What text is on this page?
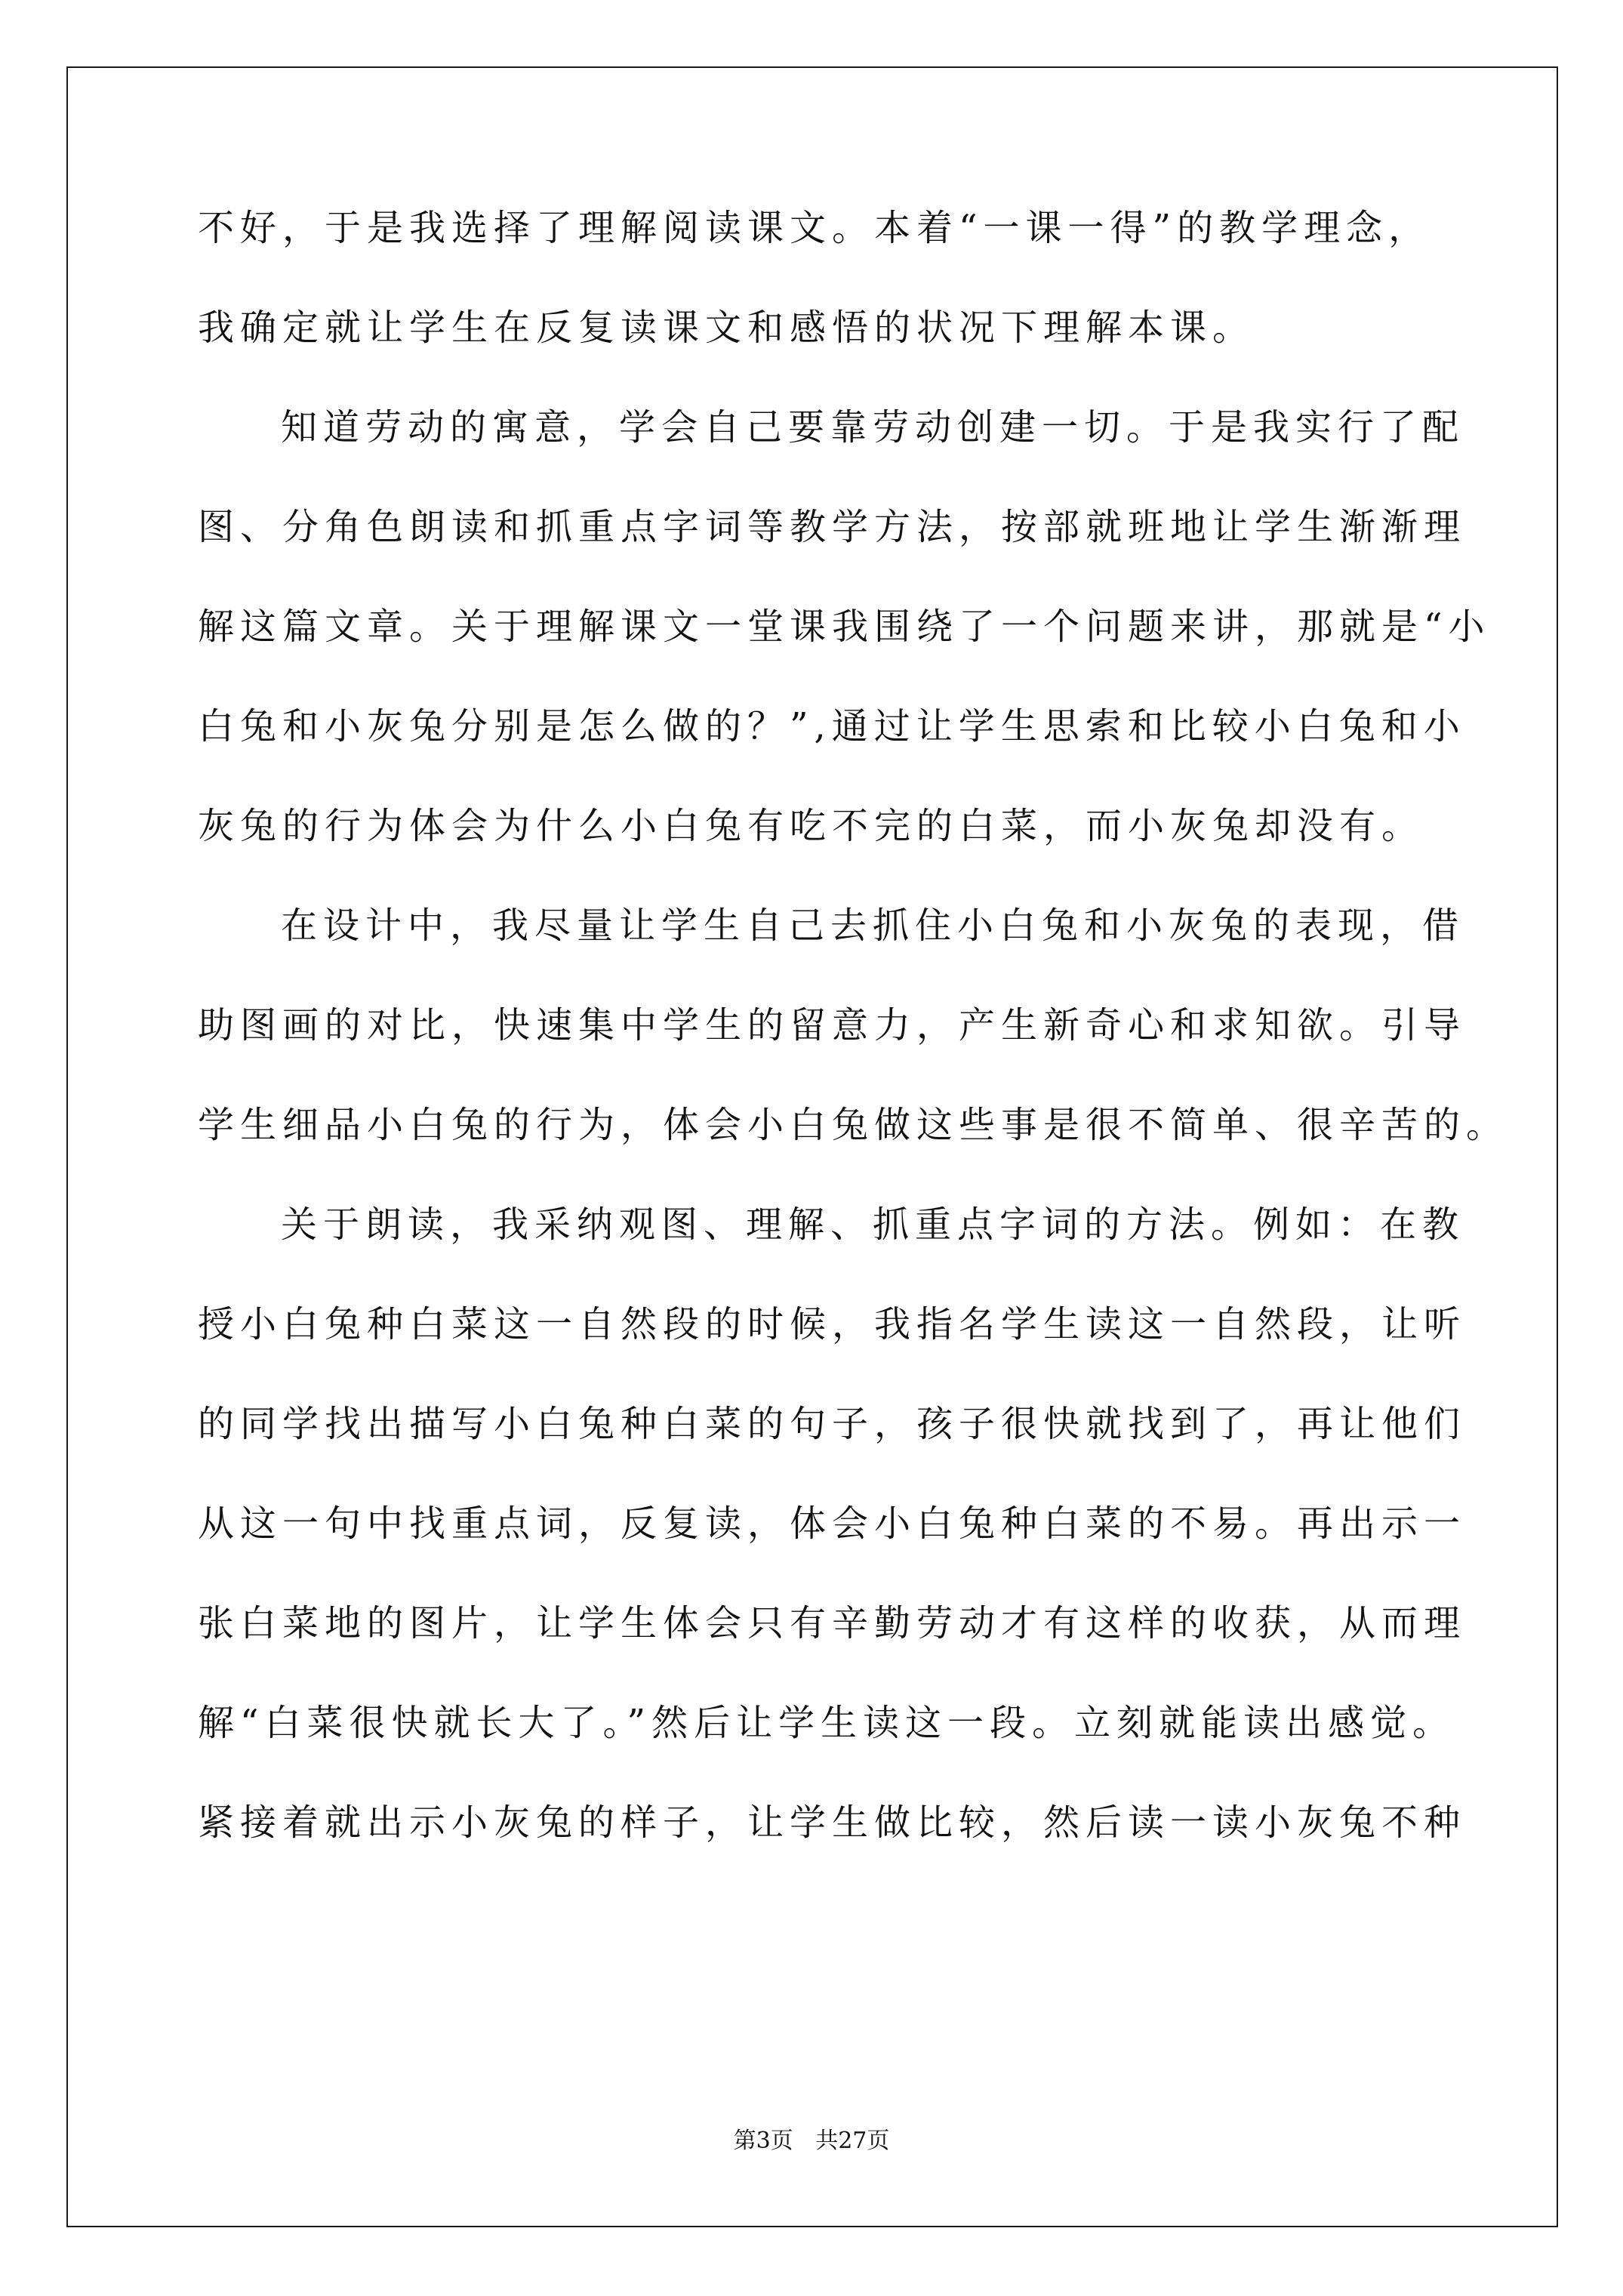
不好，于是我选择了理解阅读课文。本着“一课一得”的教学理念，
我确定就让学生在反复读课文和感悟的状况下理解本课。
知道劳动的寓意，学会自己要靠劳动创建一切。于是我实行了配
图、分角色朗读和抓重点字词等教学方法，按部就班地让学生渐渐理
解这篇文章。关于理解课文一堂课我围绕了一个问题来讲，那就是“小
白兔和小灰兔分别是怎么做的？”,通过让学生思索和比较小白兔和小
灰兔的行为体会为什么小白兔有吃不完的白菜，而小灰兔却没有。
在设计中，我尽量让学生自己去抓住小白兔和小灰兔的表现，借
助图画的对比，快速集中学生的留意力，产生新奇心和求知欲。引导
学生细品小白兔的行为，体会小白兔做这些事是很不简单、很辛苦的。
关于朗读，我采纳观图、理解、抓重点字词的方法。例如：在教
授小白兔种白菜这一自然段的时候，我指名学生读这一自然段，让听
的同学找出描写小白兔种白菜的句子，孩子很快就找到了，再让他们
从这一句中找重点词，反复读，体会小白兔种白菜的不易。再出示一
张白菜地的图片，让学生体会只有辛勤劳动才有这样的收获，从而理
解“白菜很快就长大了。”然后让学生读这一段。立刻就能读出感觉。
紧接着就出示小灰兔的样子，让学生做比较，然后读一读小灰兔不种
第3页 共27页
